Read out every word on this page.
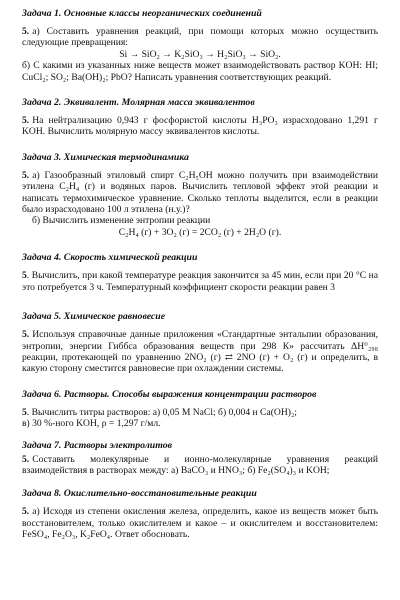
Задача 1. Основные классы неорганических соединений

5. а) Составить уравнения реакций, при помощи которых можно осуществить следующие превращения:

Si → SiO₂ → K₂SiO₃ → H₂SiO₃ → SiO₂.

б) С какими из указанных ниже веществ может взаимодействовать раствор KOH: HI; CuCl₂; SO₂; Ba(OH)₂; PbO? Написать уравнения соответствующих реакций.

Задача 2. Эквивалент. Молярная масса эквивалентов

5. На нейтрализацию 0,943 г фосфористой кислоты H₃PO₃ израсходовано 1,291 г KOH. Вычислить молярную массу эквивалентов кислоты.

Задача 3. Химическая термодинамика

5. а) Газообразный этиловый спирт C₂H₅OH можно получить при взаимодействии этилена C₂H₄ (г) и водяных паров. Вычислить тепловой эффект этой реакции и написать термохимическое уравнение. Сколько теплоты выделится, если в реакции было израсходовано 100 л этилена (н.у.)?

б) Вычислить изменение энтропии реакции

C₂H₄ (г) + 3O₂ (г) = 2CO₂ (г) + 2H₂O (г).

Задача 4. Скорость химической реакции

5. Вычислить, при какой температуре реакция закончится за 45 мин, если при 20 °С на это потребуется 3 ч. Температурный коэффициент скорости реакции равен 3

Задача 5. Химическое равновесие

5. Используя справочные данные приложения «Стандартные энтальпии образования, энтропии, энергии Гиббса образования веществ при 298 К» рассчитать ΔH°₂₉₈ реакции, протекающей по уравнению 2NO₂ (г) ⇄ 2NO (г) + O₂ (г) и определить, в какую сторону сместится равновесие при охлаждении системы.

Задача 6. Растворы. Способы выражения концентрации растворов

5. Вычислить титры растворов: а) 0,05 M NaCl; б) 0,004 н Ca(OH)₂;

в) 30 %-ного KOH, ρ = 1,297 г/мл.

Задача 7. Растворы электролитов

5. Составить молекулярные и ионно-молекулярные уравнения реакций взаимодействия в растворах между: а) BaCO₃ и HNO₃; б) Fe₂(SO₄)₃ и KOH;

Задача 8. Окислительно-восстановительные реакции

5. а) Исходя из степени окисления железа, определить, какое из веществ может быть восстановителем, только окислителем и какое – и окислителем и восстановителем: FeSO₄, Fe₂O₃, K₂FeO₄. Ответ обосновать.
